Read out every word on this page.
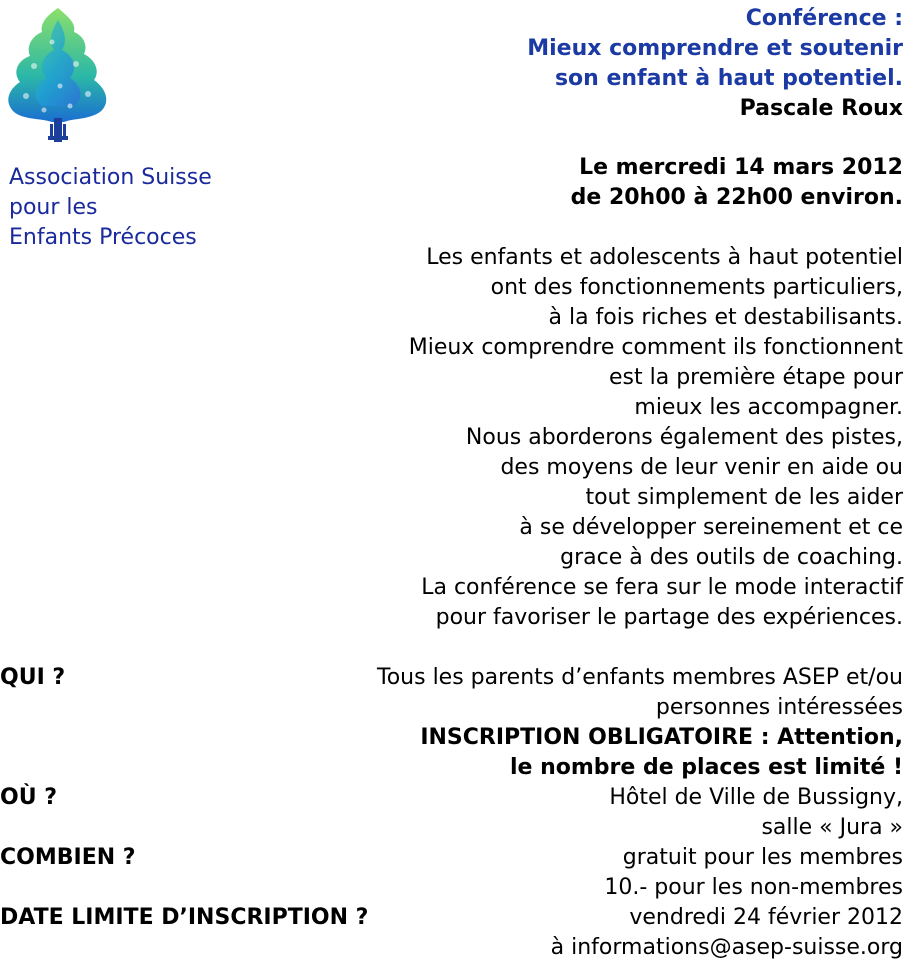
Association Suisse
pour les
Enfants Précoces
Conférence :
Mieux comprendre et soutenir
son enfant à haut potentiel.
Pascale Roux
Le mercredi 14 mars 2012
de 20h00 à 22h00 environ.
Les enfants et adolescents à haut potentiel
ont des fonctionnements particuliers,
à la fois riches et destabilisants.
Mieux comprendre comment ils fonctionnent
est la première étape pour
mieux les accompagner.
Nous aborderons également des pistes,
des moyens de leur venir en aide ou
tout simplement de les aider
à se développer sereinement et ce
grace à des outils de coaching.
La conférence se fera sur le mode interactif
pour favoriser le partage des expériences.
QUI ?	Tous les parents d’enfants membres ASEP et/ou
personnes intéressées
INSCRIPTION OBLIGATOIRE : Attention,
le nombre de places est limité !
OÙ ?	Hôtel de Ville de Bussigny,
salle « Jura »
COMBIEN ?	gratuit pour les membres
10.- pour les non-membres
DATE LIMITE D’INSCRIPTION ?	vendredi 24 février 2012
à informations@asep-suisse.org
